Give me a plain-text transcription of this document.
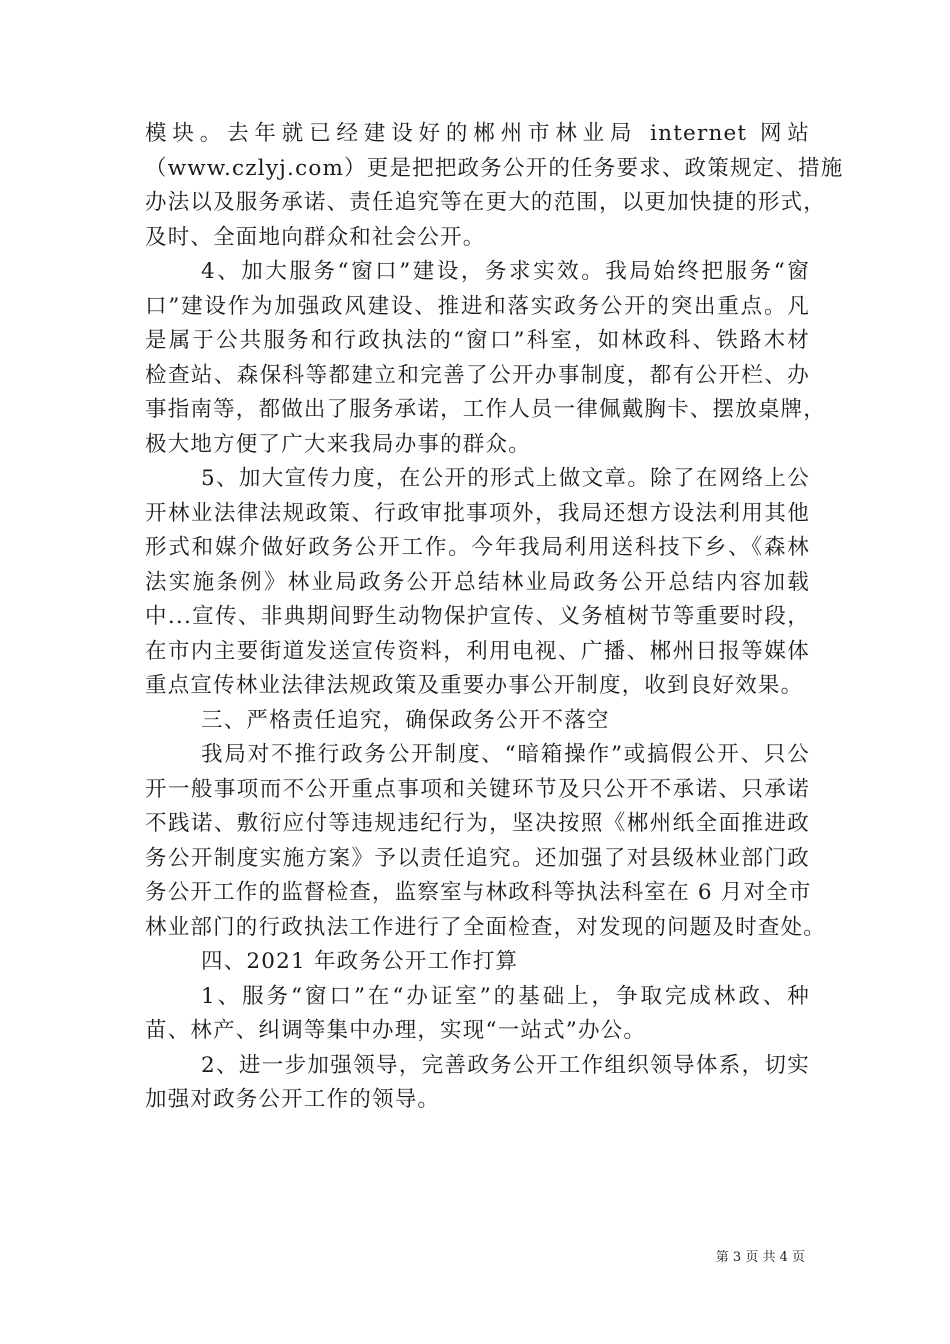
模块。去年就已经建设好的郴州市林业局 internet 网站
（www.czlyj.com）更是把把政务公开的任务要求、政策规定、措施
办法以及服务承诺、责任追究等在更大的范围，以更加快捷的形式，
及时、全面地向群众和社会公开。
4、加大服务“窗口”建设，务求实效。我局始终把服务“窗
口”建设作为加强政风建设、推进和落实政务公开的突出重点。凡
是属于公共服务和行政执法的“窗口”科室，如林政科、铁路木材
检查站、森保科等都建立和完善了公开办事制度，都有公开栏、办
事指南等，都做出了服务承诺，工作人员一律佩戴胸卡、摆放桌牌，
极大地方便了广大来我局办事的群众。
5、加大宣传力度，在公开的形式上做文章。除了在网络上公
开林业法律法规政策、行政审批事项外，我局还想方设法利用其他
形式和媒介做好政务公开工作。今年我局利用送科技下乡、《森林
法实施条例》林业局政务公开总结林业局政务公开总结内容加载
中...宣传、非典期间野生动物保护宣传、义务植树节等重要时段，
在市内主要街道发送宣传资料，利用电视、广播、郴州日报等媒体
重点宣传林业法律法规政策及重要办事公开制度，收到良好效果。
三、严格责任追究，确保政务公开不落空
我局对不推行政务公开制度、“暗箱操作”或搞假公开、只公
开一般事项而不公开重点事项和关键环节及只公开不承诺、只承诺
不践诺、敷衍应付等违规违纪行为，坚决按照《郴州纸全面推进政
务公开制度实施方案》予以责任追究。还加强了对县级林业部门政
务公开工作的监督检查，监察室与林政科等执法科室在 6 月对全市
林业部门的行政执法工作进行了全面检查，对发现的问题及时查处。
四、2021 年政务公开工作打算
1、服务“窗口”在“办证室”的基础上，争取完成林政、种
苗、林产、纠调等集中办理，实现“一站式”办公。
2、进一步加强领导，完善政务公开工作组织领导体系，切实
加强对政务公开工作的领导。
第 3 页 共 4 页
